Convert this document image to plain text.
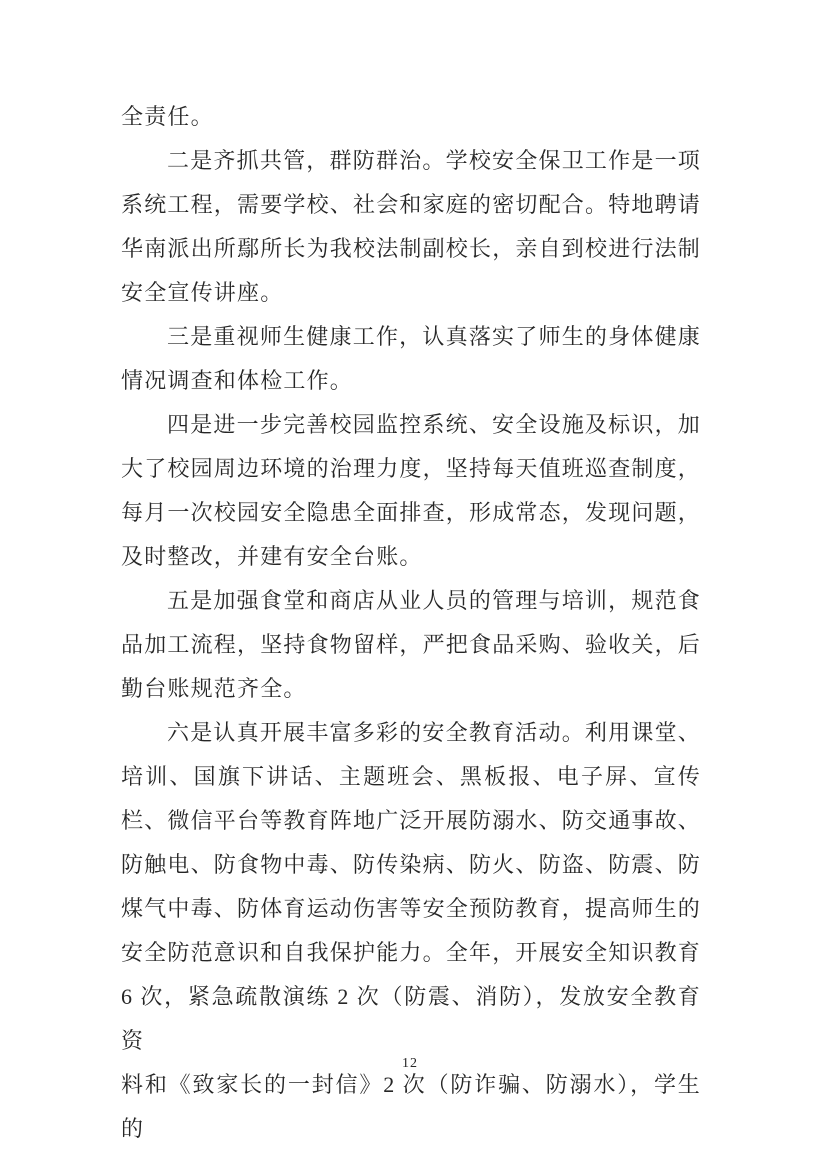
全责任。
二是齐抓共管，群防群治。学校安全保卫工作是一项
系统工程，需要学校、社会和家庭的密切配合。特地聘请
华南派出所鄢所长为我校法制副校长，亲自到校进行法制
安全宣传讲座。
三是重视师生健康工作，认真落实了师生的身体健康
情况调查和体检工作。
四是进一步完善校园监控系统、安全设施及标识，加
大了校园周边环境的治理力度，坚持每天值班巡查制度，
每月一次校园安全隐患全面排查，形成常态，发现问题，
及时整改，并建有安全台账。
五是加强食堂和商店从业人员的管理与培训，规范食
品加工流程，坚持食物留样，严把食品采购、验收关，后
勤台账规范齐全。
六是认真开展丰富多彩的安全教育活动。利用课堂、
培训、国旗下讲话、主题班会、黑板报、电子屏、宣传
栏、微信平台等教育阵地广泛开展防溺水、防交通事故、
防触电、防食物中毒、防传染病、防火、防盗、防震、防
煤气中毒、防体育运动伤害等安全预防教育，提高师生的
安全防范意识和自我保护能力。全年，开展安全知识教育
6 次，紧急疏散演练 2 次（防震、消防），发放安全教育资
料和《致家长的一封信》2 次（防诈骗、防溺水），学生的
12
